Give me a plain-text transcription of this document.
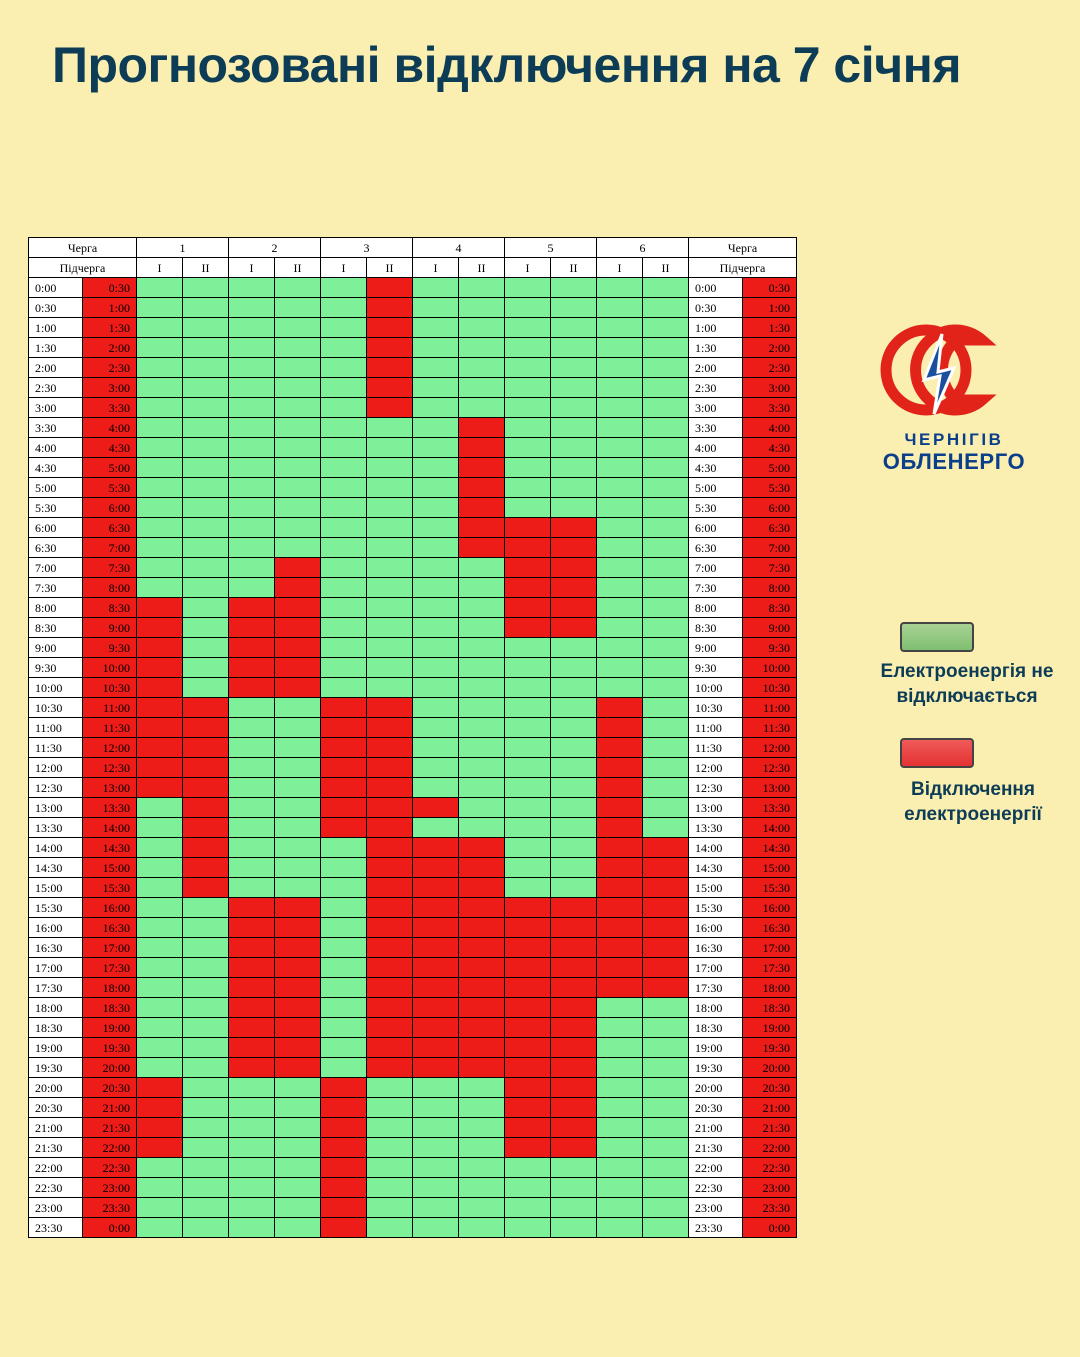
Прогнозовані відключення на 7 січня
Черга		1		2		3		4		5		6		Черга	
Підчерга		I	II	I	II	I	II	I	II	I	II	I	II	Підчерга	
0:00	0:30													0:00	0:30
0:30	1:00													0:30	1:00
1:00	1:30													1:00	1:30
1:30	2:00													1:30	2:00
2:00	2:30													2:00	2:30
2:30	3:00													2:30	3:00
3:00	3:30													3:00	3:30
3:30	4:00													3:30	4:00
4:00	4:30													4:00	4:30
4:30	5:00													4:30	5:00
5:00	5:30													5:00	5:30
5:30	6:00													5:30	6:00
6:00	6:30													6:00	6:30
6:30	7:00													6:30	7:00
7:00	7:30													7:00	7:30
7:30	8:00													7:30	8:00
8:00	8:30													8:00	8:30
8:30	9:00													8:30	9:00
9:00	9:30													9:00	9:30
9:30	10:00													9:30	10:00
10:00	10:30													10:00	10:30
10:30	11:00													10:30	11:00
11:00	11:30													11:00	11:30
11:30	12:00													11:30	12:00
12:00	12:30													12:00	12:30
12:30	13:00													12:30	13:00
13:00	13:30													13:00	13:30
13:30	14:00													13:30	14:00
14:00	14:30													14:00	14:30
14:30	15:00													14:30	15:00
15:00	15:30													15:00	15:30
15:30	16:00													15:30	16:00
16:00	16:30													16:00	16:30
16:30	17:00													16:30	17:00
17:00	17:30													17:00	17:30
17:30	18:00													17:30	18:00
18:00	18:30													18:00	18:30
18:30	19:00													18:30	19:00
19:00	19:30													19:00	19:30
19:30	20:00													19:30	20:00
20:00	20:30													20:00	20:30
20:30	21:00													20:30	21:00
21:00	21:30													21:00	21:30
21:30	22:00													21:30	22:00
22:00	22:30													22:00	22:30
22:30	23:00													22:30	23:00
23:00	23:30													23:00	23:30
23:30	0:00													23:30	0:00
ЧЕРНІГІВ
ОБЛЕНЕРГО
Електроенергія не відключається
Відключення електроенергії
